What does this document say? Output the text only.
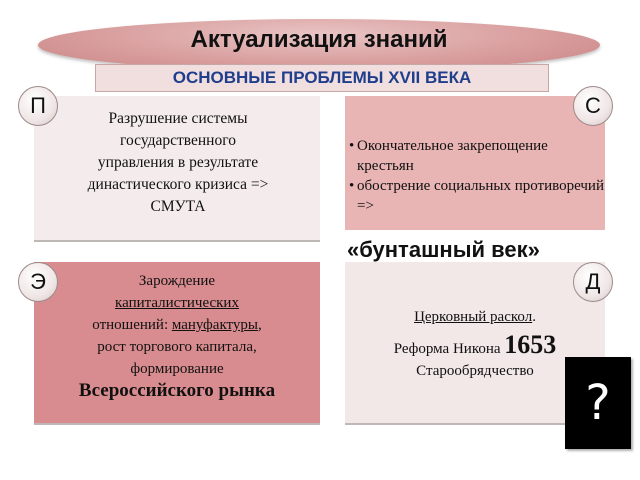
Актуализация знаний
ОСНОВНЫЕ ПРОБЛЕМЫ XVII ВЕКА
Разрушение системы
государственного
управления в результате
династического кризиса =>
СМУТА
• Окончательное закрепощение крестьян
• обострение социальных противоречий =>
«бунташный век»
Зарождение
капиталистических
отношений: мануфактуры,
рост торгового капитала,
формирование
Всероссийского рынка
Церковный раскол.
Реформа Никона 1653
Старообрядчество
П	С
Э	Д
?
